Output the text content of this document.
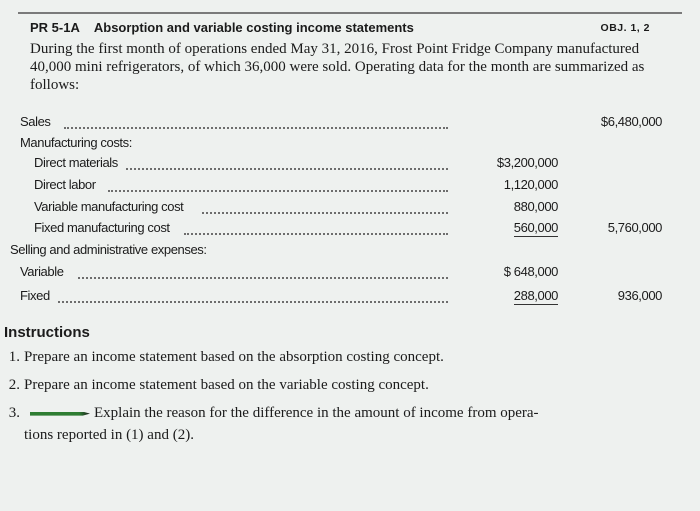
PR 5-1A Absorption and variable costing income statements	OBJ. 1, 2
During the first month of operations ended May 31, 2016, Frost Point Fridge Company manufactured 40,000 mini refrigerators, of which 36,000 were sold. Operating data for the month are summarized as follows:
Sales	$6,480,000
Manufacturing costs:
Direct materials	$3,200,000
Direct labor	1,120,000
Variable manufacturing cost	880,000
Fixed manufacturing cost	560,000	5,760,000
Selling and administrative expenses:
Variable	$ 648,000
Fixed	288,000	936,000
Instructions
1. Prepare an income statement based on the absorption costing concept.
2. Prepare an income statement based on the variable costing concept.
3.	Explain the reason for the difference in the amount of income from opera-
tions reported in (1) and (2).
